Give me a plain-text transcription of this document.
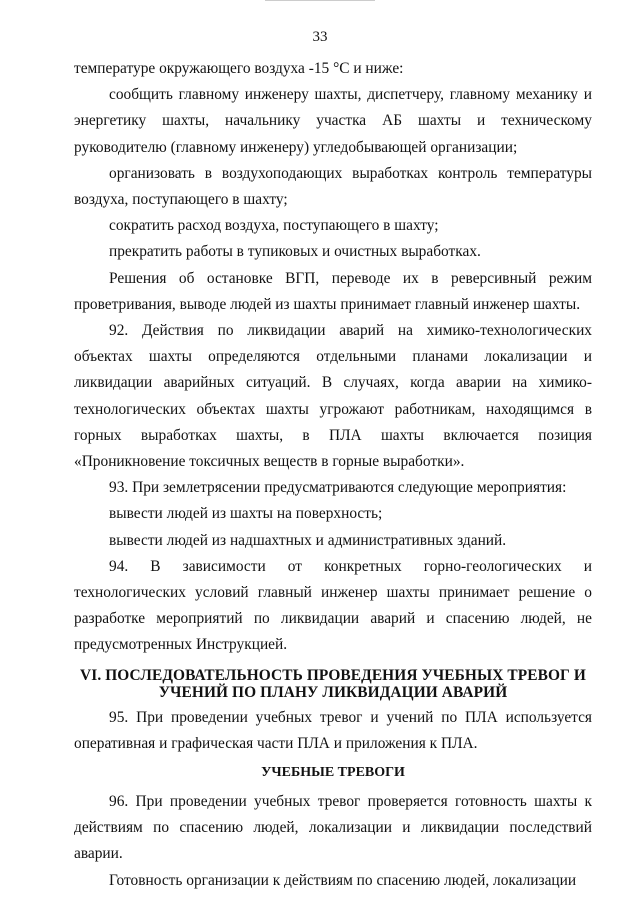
33

температуре окружающего воздуха -15 °С и ниже:

сообщить главному инженеру шахты, диспетчеру, главному механику и энергетику шахты, начальнику участка АБ шахты и техническому руководителю (главному инженеру) угледобывающей организации;

организовать в воздухоподающих выработках контроль температуры воздуха, поступающего в шахту;

сократить расход воздуха, поступающего в шахту;

прекратить работы в тупиковых и очистных выработках.

Решения об остановке ВГП, переводе их в реверсивный режим проветривания, выводе людей из шахты принимает главный инженер шахты.

92. Действия по ликвидации аварий на химико-технологических объектах шахты определяются отдельными планами локализации и ликвидации аварийных ситуаций. В случаях, когда аварии на химико-технологических объектах шахты угрожают работникам, находящимся в горных выработках шахты, в ПЛА шахты включается позиция «Проникновение токсичных веществ в горные выработки».

93. При землетрясении предусматриваются следующие мероприятия:

вывести людей из шахты на поверхность;

вывести людей из надшахтных и административных зданий.

94. В зависимости от конкретных горно-геологических и технологических условий главный инженер шахты принимает решение о разработке мероприятий по ликвидации аварий и спасению людей, не предусмотренных Инструкцией.

VI. ПОСЛЕДОВАТЕЛЬНОСТЬ ПРОВЕДЕНИЯ УЧЕБНЫХ ТРЕВОГ И
УЧЕНИЙ ПО ПЛАНУ ЛИКВИДАЦИИ АВАРИЙ

95. При проведении учебных тревог и учений по ПЛА используется оперативная и графическая части ПЛА и приложения к ПЛА.

УЧЕБНЫЕ ТРЕВОГИ

96. При проведении учебных тревог проверяется готовность шахты к действиям по спасению людей, локализации и ликвидации последствий аварии.

Готовность организации к действиям по спасению людей, локализации
